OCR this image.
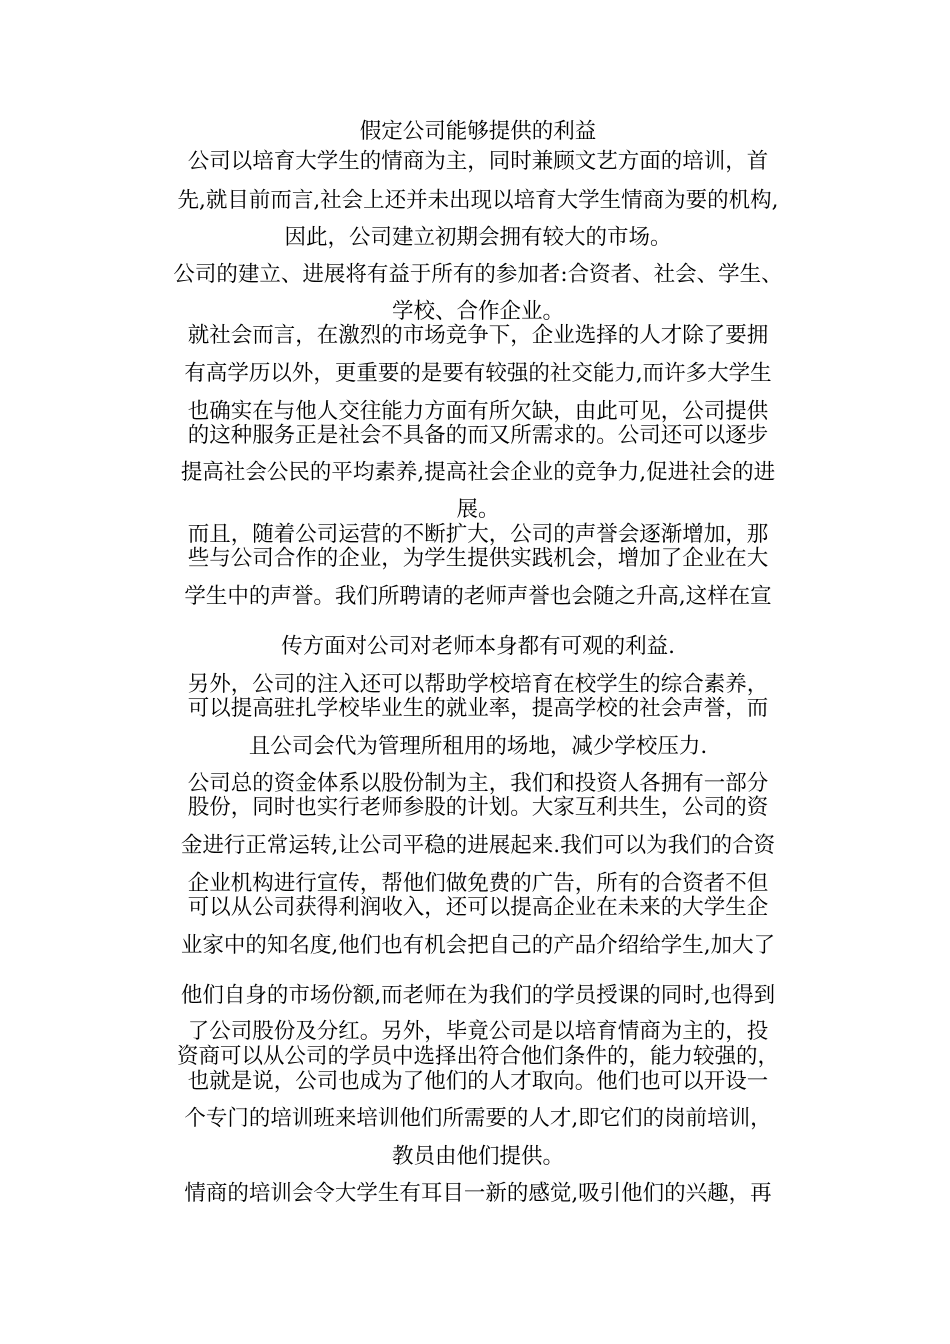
假定公司能够提供的利益
公司以培育大学生的情商为主，同时兼顾文艺方面的培训，首
先,就目前而言,社会上还并未出现以培育大学生情商为要的机构,
因此，公司建立初期会拥有较大的市场。
公司的建立、进展将有益于所有的参加者:合资者、社会、学生、
学校、合作企业。
就社会而言，在激烈的市场竞争下，企业选择的人才除了要拥
有高学历以外，更重要的是要有较强的社交能力,而许多大学生
也确实在与他人交往能力方面有所欠缺，由此可见，公司提供
的这种服务正是社会不具备的而又所需求的。公司还可以逐步
提高社会公民的平均素养,提高社会企业的竞争力,促进社会的进
展。
而且，随着公司运营的不断扩大，公司的声誉会逐渐增加，那
些与公司合作的企业，为学生提供实践机会，增加了企业在大
学生中的声誉。我们所聘请的老师声誉也会随之升高,这样在宣
传方面对公司对老师本身都有可观的利益.
另外，公司的注入还可以帮助学校培育在校学生的综合素养，
可以提高驻扎学校毕业生的就业率，提高学校的社会声誉，而
且公司会代为管理所租用的场地，减少学校压力.
公司总的资金体系以股份制为主，我们和投资人各拥有一部分
股份，同时也实行老师参股的计划。大家互利共生，公司的资
金进行正常运转,让公司平稳的进展起来.我们可以为我们的合资
企业机构进行宣传，帮他们做免费的广告，所有的合资者不但
可以从公司获得利润收入，还可以提高企业在未来的大学生企
业家中的知名度,他们也有机会把自己的产品介绍给学生,加大了
他们自身的市场份额,而老师在为我们的学员授课的同时,也得到
了公司股份及分红。另外，毕竟公司是以培育情商为主的，投
资商可以从公司的学员中选择出符合他们条件的，能力较强的，
也就是说，公司也成为了他们的人才取向。他们也可以开设一
个专门的培训班来培训他们所需要的人才,即它们的岗前培训，
教员由他们提供。
情商的培训会令大学生有耳目一新的感觉,吸引他们的兴趣，再
